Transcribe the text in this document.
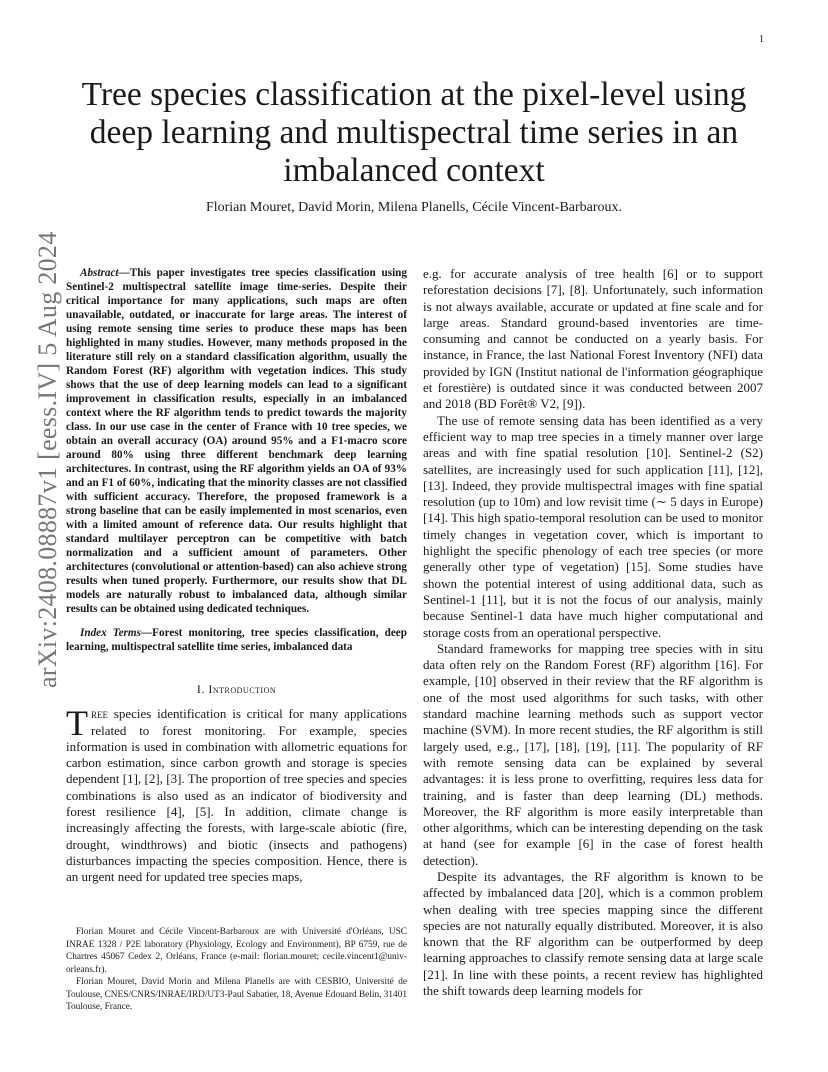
1
arXiv:2408.08887v1 [eess.IV] 5 Aug 2024
Tree species classification at the pixel-level using deep learning and multispectral time series in an imbalanced context
Florian Mouret, David Morin, Milena Planells, Cécile Vincent-Barbaroux.

Abstract—This paper investigates tree species classification using Sentinel-2 multispectral satellite image time-series. Despite their critical importance for many applications, such maps are often unavailable, outdated, or inaccurate for large areas. The interest of using remote sensing time series to produce these maps has been highlighted in many studies. However, many methods proposed in the literature still rely on a standard classification algorithm, usually the Random Forest (RF) algorithm with vegetation indices. This study shows that the use of deep learning models can lead to a significant improvement in classification results, especially in an imbalanced context where the RF algorithm tends to predict towards the majority class. In our use case in the center of France with 10 tree species, we obtain an overall accuracy (OA) around 95% and a F1-macro score around 80% using three different benchmark deep learning architectures. In contrast, using the RF algorithm yields an OA of 93% and an F1 of 60%, indicating that the minority classes are not classified with sufficient accuracy. Therefore, the proposed framework is a strong baseline that can be easily implemented in most scenarios, even with a limited amount of reference data. Our results highlight that standard multilayer perceptron can be competitive with batch normalization and a sufficient amount of parameters. Other architectures (convolutional or attention-based) can also achieve strong results when tuned properly. Furthermore, our results show that DL models are naturally robust to imbalanced data, although similar results can be obtained using dedicated techniques.

Index Terms—Forest monitoring, tree species classification, deep learning, multispectral satellite time series, imbalanced data

I. Introduction

Tree species identification is critical for many applications related to forest monitoring. For example, species information is used in combination with allometric equations for carbon estimation, since carbon growth and storage is species dependent [1], [2], [3]. The proportion of tree species and species combinations is also used as an indicator of biodiversity and forest resilience [4], [5]. In addition, climate change is increasingly affecting the forests, with large-scale abiotic (fire, drought, windthrows) and biotic (insects and pathogens) disturbances impacting the species composition. Hence, there is an urgent need for updated tree species maps,

Florian Mouret and Cécile Vincent-Barbaroux are with Université d'Orléans, USC INRAE 1328 / P2E laboratory (Physiology, Ecology and Environment), BP 6759, rue de Chartres 45067 Cedex 2, Orléans, France (e-mail: florian.mouret; cecile.vincent1@univ-orleans.fr).

Florian Mouret, David Morin and Milena Planells are with CESBIO, Université de Toulouse, CNES/CNRS/INRAE/IRD/UT3-Paul Sabatier, 18, Avenue Edouard Belin, 31401 Toulouse, France.

e.g. for accurate analysis of tree health [6] or to support reforestation decisions [7], [8]. Unfortunately, such information is not always available, accurate or updated at fine scale and for large areas. Standard ground-based inventories are time-consuming and cannot be conducted on a yearly basis. For instance, in France, the last National Forest Inventory (NFI) data provided by IGN (Institut national de l'information géographique et forestière) is outdated since it was conducted between 2007 and 2018 (BD Forêt® V2, [9]).

The use of remote sensing data has been identified as a very efficient way to map tree species in a timely manner over large areas and with fine spatial resolution [10]. Sentinel-2 (S2) satellites, are increasingly used for such application [11], [12], [13]. Indeed, they provide multispectral images with fine spatial resolution (up to 10m) and low revisit time (∼ 5 days in Europe) [14]. This high spatio-temporal resolution can be used to monitor timely changes in vegetation cover, which is important to highlight the specific phenology of each tree species (or more generally other type of vegetation) [15]. Some studies have shown the potential interest of using additional data, such as Sentinel-1 [11], but it is not the focus of our analysis, mainly because Sentinel-1 data have much higher computational and storage costs from an operational perspective.

Standard frameworks for mapping tree species with in situ data often rely on the Random Forest (RF) algorithm [16]. For example, [10] observed in their review that the RF algorithm is one of the most used algorithms for such tasks, with other standard machine learning methods such as support vector machine (SVM). In more recent studies, the RF algorithm is still largely used, e.g., [17], [18], [19], [11]. The popularity of RF with remote sensing data can be explained by several advantages: it is less prone to overfitting, requires less data for training, and is faster than deep learning (DL) methods. Moreover, the RF algorithm is more easily interpretable than other algorithms, which can be interesting depending on the task at hand (see for example [6] in the case of forest health detection).

Despite its advantages, the RF algorithm is known to be affected by imbalanced data [20], which is a common problem when dealing with tree species mapping since the different species are not naturally equally distributed. Moreover, it is also known that the RF algorithm can be outperformed by deep learning approaches to classify remote sensing data at large scale [21]. In line with these points, a recent review has highlighted the shift towards deep learning models for
